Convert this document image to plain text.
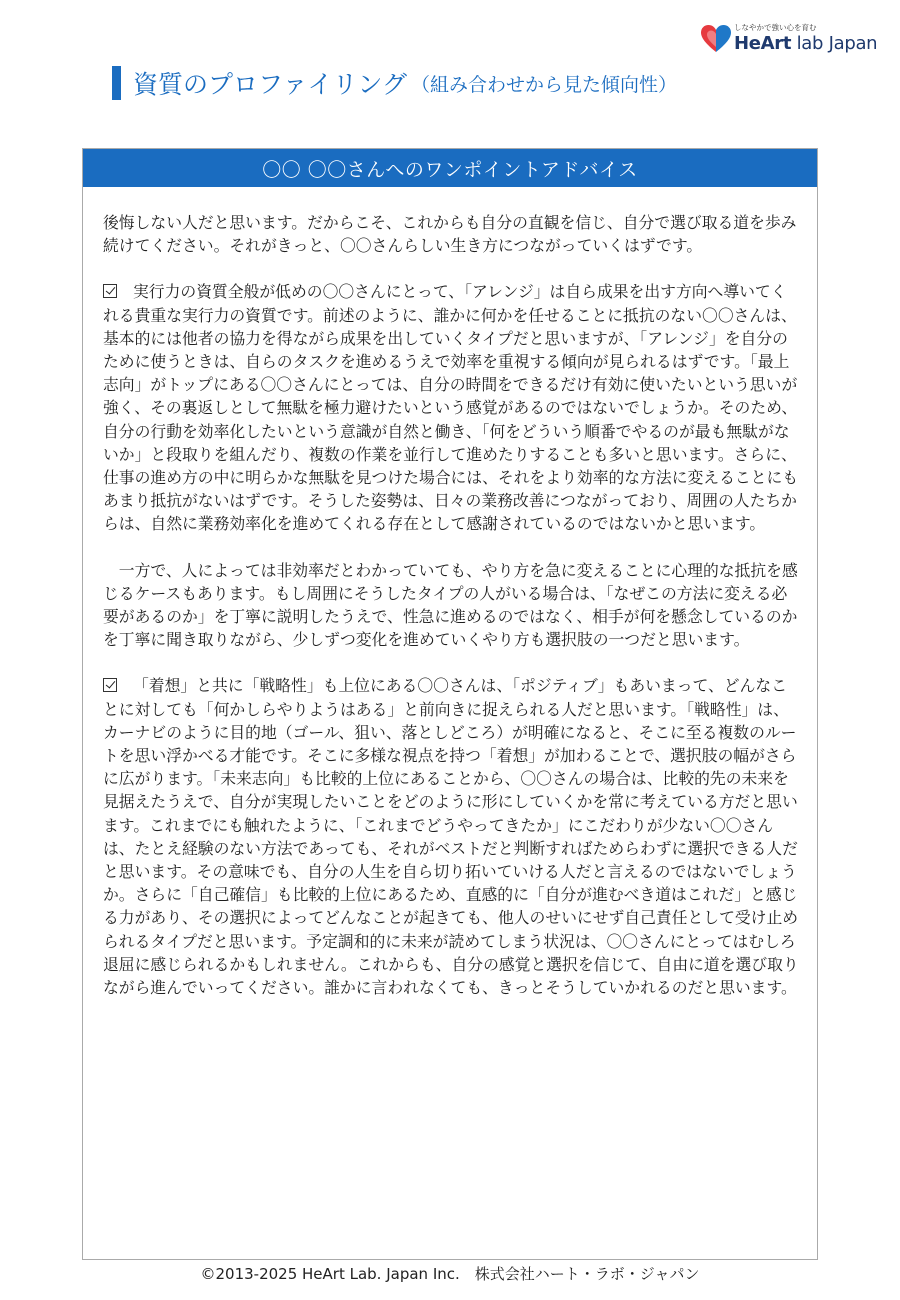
しなやかで強い心を育む
HeArt lab Japan
資質のプロファイリング （組み合わせから見た傾向性）
〇〇 〇〇さんへのワンポイントアドバイス

後悔しない人だと思います。だからこそ、これからも自分の直観を信じ、自分で選び取る道を歩み続けてください。それがきっと、〇〇さんらしい生き方につながっていくはずです。

実行力の資質全般が低めの〇〇さんにとって、「アレンジ」は自ら成果を出す方向へ導いてくれる貴重な実行力の資質です。前述のように、誰かに何かを任せることに抵抗のない〇〇さんは、基本的には他者の協力を得ながら成果を出していくタイプだと思いますが、「アレンジ」を自分のために使うときは、自らのタスクを進めるうえで効率を重視する傾向が見られるはずです。「最上志向」がトップにある〇〇さんにとっては、自分の時間をできるだけ有効に使いたいという思いが強く、その裏返しとして無駄を極力避けたいという感覚があるのではないでしょうか。そのため、自分の行動を効率化したいという意識が自然と働き、「何をどういう順番でやるのが最も無駄がないか」と段取りを組んだり、複数の作業を並行して進めたりすることも多いと思います。さらに、仕事の進め方の中に明らかな無駄を見つけた場合には、それをより効率的な方法に変えることにもあまり抵抗がないはずです。そうした姿勢は、日々の業務改善につながっており、周囲の人たちからは、自然に業務効率化を進めてくれる存在として感謝されているのではないかと思います。

一方で、人によっては非効率だとわかっていても、やり方を急に変えることに心理的な抵抗を感じるケースもあります。もし周囲にそうしたタイプの人がいる場合は、「なぜこの方法に変える必要があるのか」を丁寧に説明したうえで、性急に進めるのではなく、相手が何を懸念しているのかを丁寧に聞き取りながら、少しずつ変化を進めていくやり方も選択肢の一つだと思います。

「着想」と共に「戦略性」も上位にある〇〇さんは、「ポジティブ」もあいまって、どんなことに対しても「何かしらやりようはある」と前向きに捉えられる人だと思います。「戦略性」は、カーナビのように目的地（ゴール、狙い、落としどころ）が明確になると、そこに至る複数のルートを思い浮かべる才能です。そこに多様な視点を持つ「着想」が加わることで、選択肢の幅がさらに広がります。「未来志向」も比較的上位にあることから、〇〇さんの場合は、比較的先の未来を見据えたうえで、自分が実現したいことをどのように形にしていくかを常に考えている方だと思います。これまでにも触れたように、「これまでどうやってきたか」にこだわりが少ない〇〇さんは、たとえ経験のない方法であっても、それがベストだと判断すればためらわずに選択できる人だと思います。その意味でも、自分の人生を自ら切り拓いていける人だと言えるのではないでしょうか。さらに「自己確信」も比較的上位にあるため、直感的に「自分が進むべき道はこれだ」と感じる力があり、その選択によってどんなことが起きても、他人のせいにせず自己責任として受け止められるタイプだと思います。予定調和的に未来が読めてしまう状況は、〇〇さんにとってはむしろ退屈に感じられるかもしれません。これからも、自分の感覚と選択を信じて、自由に道を選び取りながら進んでいってください。誰かに言われなくても、きっとそうしていかれるのだと思います。

©2013-2025 HeArt Lab. Japan Inc.　株式会社ハート・ラボ・ジャパン
